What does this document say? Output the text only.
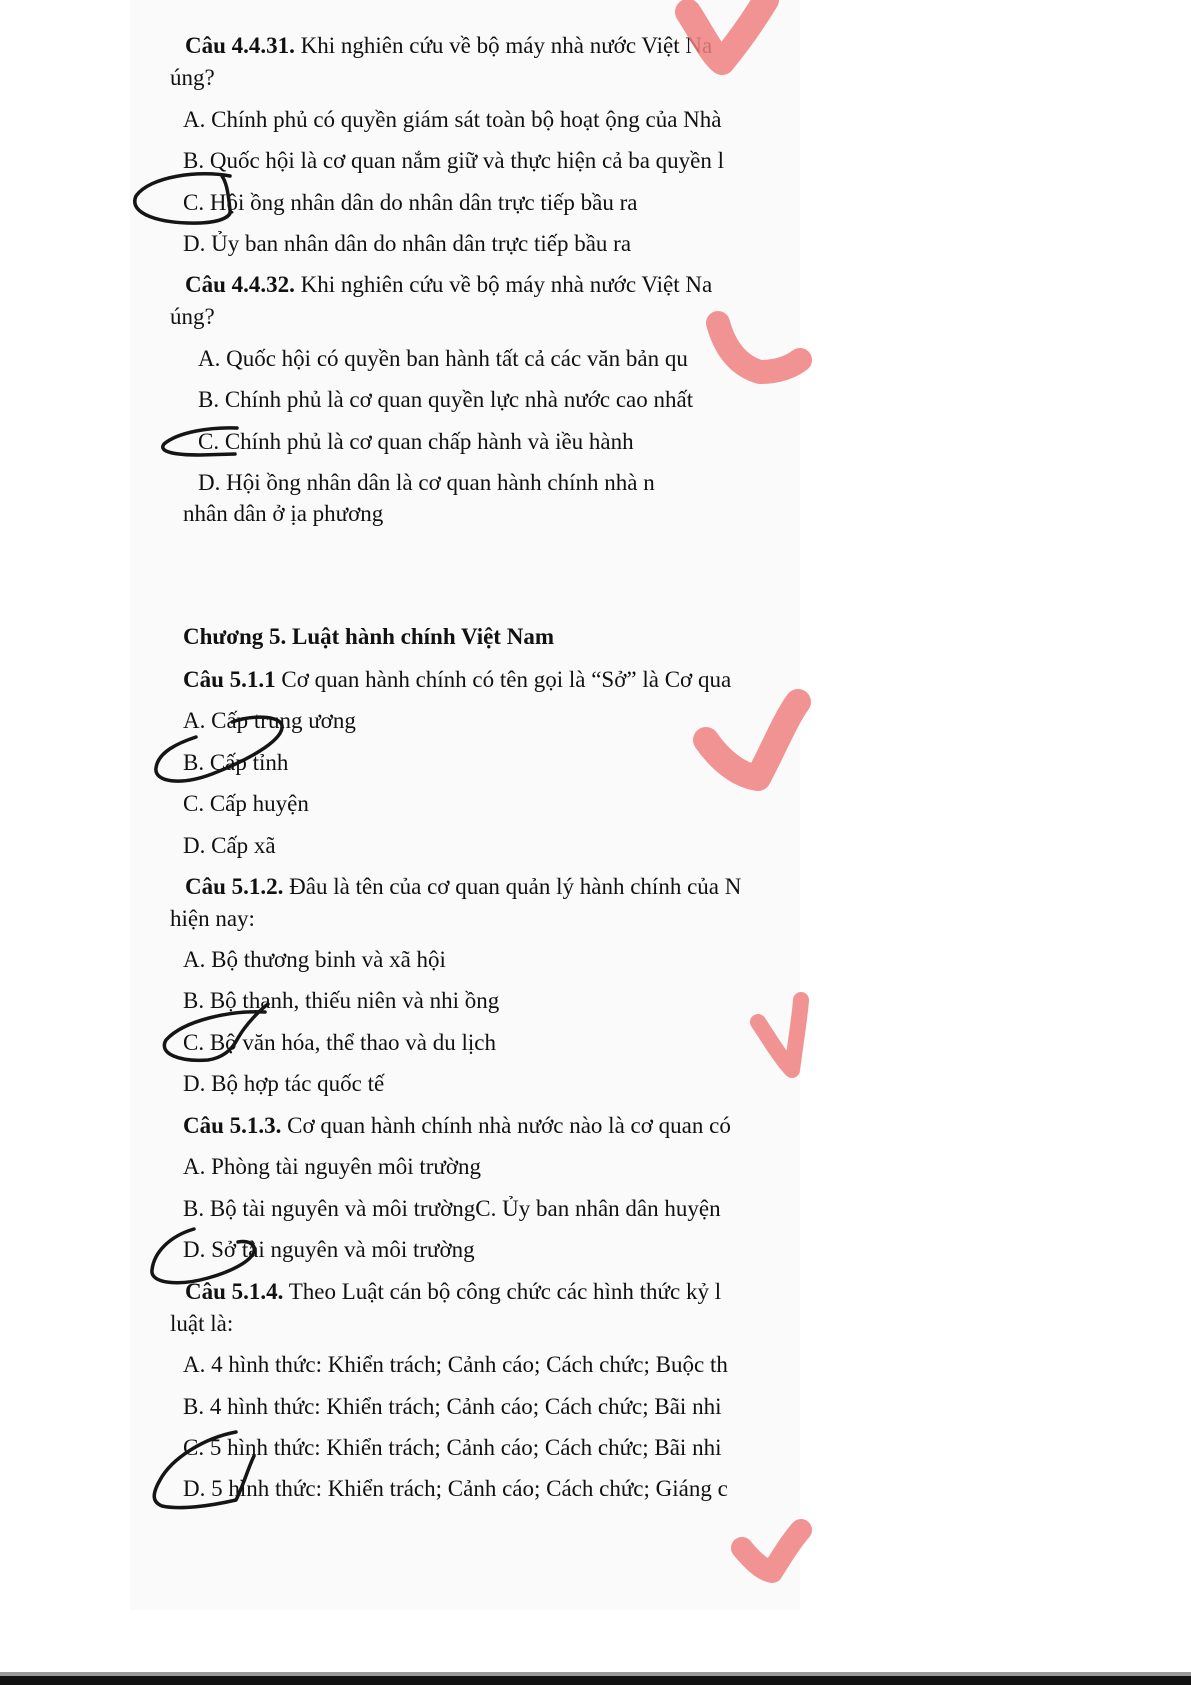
Câu 4.4.31. Khi nghiên cứu về bộ máy nhà nước Việt Na
úng?
A. Chính phủ có quyền giám sát toàn bộ hoạt ộng của Nhà
B. Quốc hội là cơ quan nắm giữ và thực hiện cả ba quyền l
C. Hội ồng nhân dân do nhân dân trực tiếp bầu ra
D. Ủy ban nhân dân do nhân dân trực tiếp bầu ra
Câu 4.4.32. Khi nghiên cứu về bộ máy nhà nước Việt Na
úng?
A. Quốc hội có quyền ban hành tất cả các văn bản qu
B. Chính phủ là cơ quan quyền lực nhà nước cao nhất
C. Chính phủ là cơ quan chấp hành và iều hành
D. Hội ồng nhân dân là cơ quan hành chính nhà n
nhân dân ở ịa phương
Chương 5. Luật hành chính Việt Nam
Câu 5.1.1 Cơ quan hành chính có tên gọi là “Sở” là Cơ qua
A. Cấp trung ương
B. Cấp tỉnh
C. Cấp huyện
D. Cấp xã
Câu 5.1.2. Đâu là tên của cơ quan quản lý hành chính của N
hiện nay:
A. Bộ thương binh và xã hội
B. Bộ thanh, thiếu niên và nhi ồng
C. Bộ văn hóa, thể thao và du lịch
D. Bộ hợp tác quốc tế
Câu 5.1.3. Cơ quan hành chính nhà nước nào là cơ quan có
A. Phòng tài nguyên môi trường
B. Bộ tài nguyên và môi trườngC. Ủy ban nhân dân huyện
D. Sở tài nguyên và môi trường
Câu 5.1.4. Theo Luật cán bộ công chức các hình thức kỷ l
luật là:
A. 4 hình thức: Khiển trách; Cảnh cáo; Cách chức; Buộc th
B. 4 hình thức: Khiển trách; Cảnh cáo; Cách chức; Bãi nhi
C. 5 hình thức: Khiển trách; Cảnh cáo; Cách chức; Bãi nhi
D. 5 hình thức: Khiển trách; Cảnh cáo; Cách chức; Giáng c
